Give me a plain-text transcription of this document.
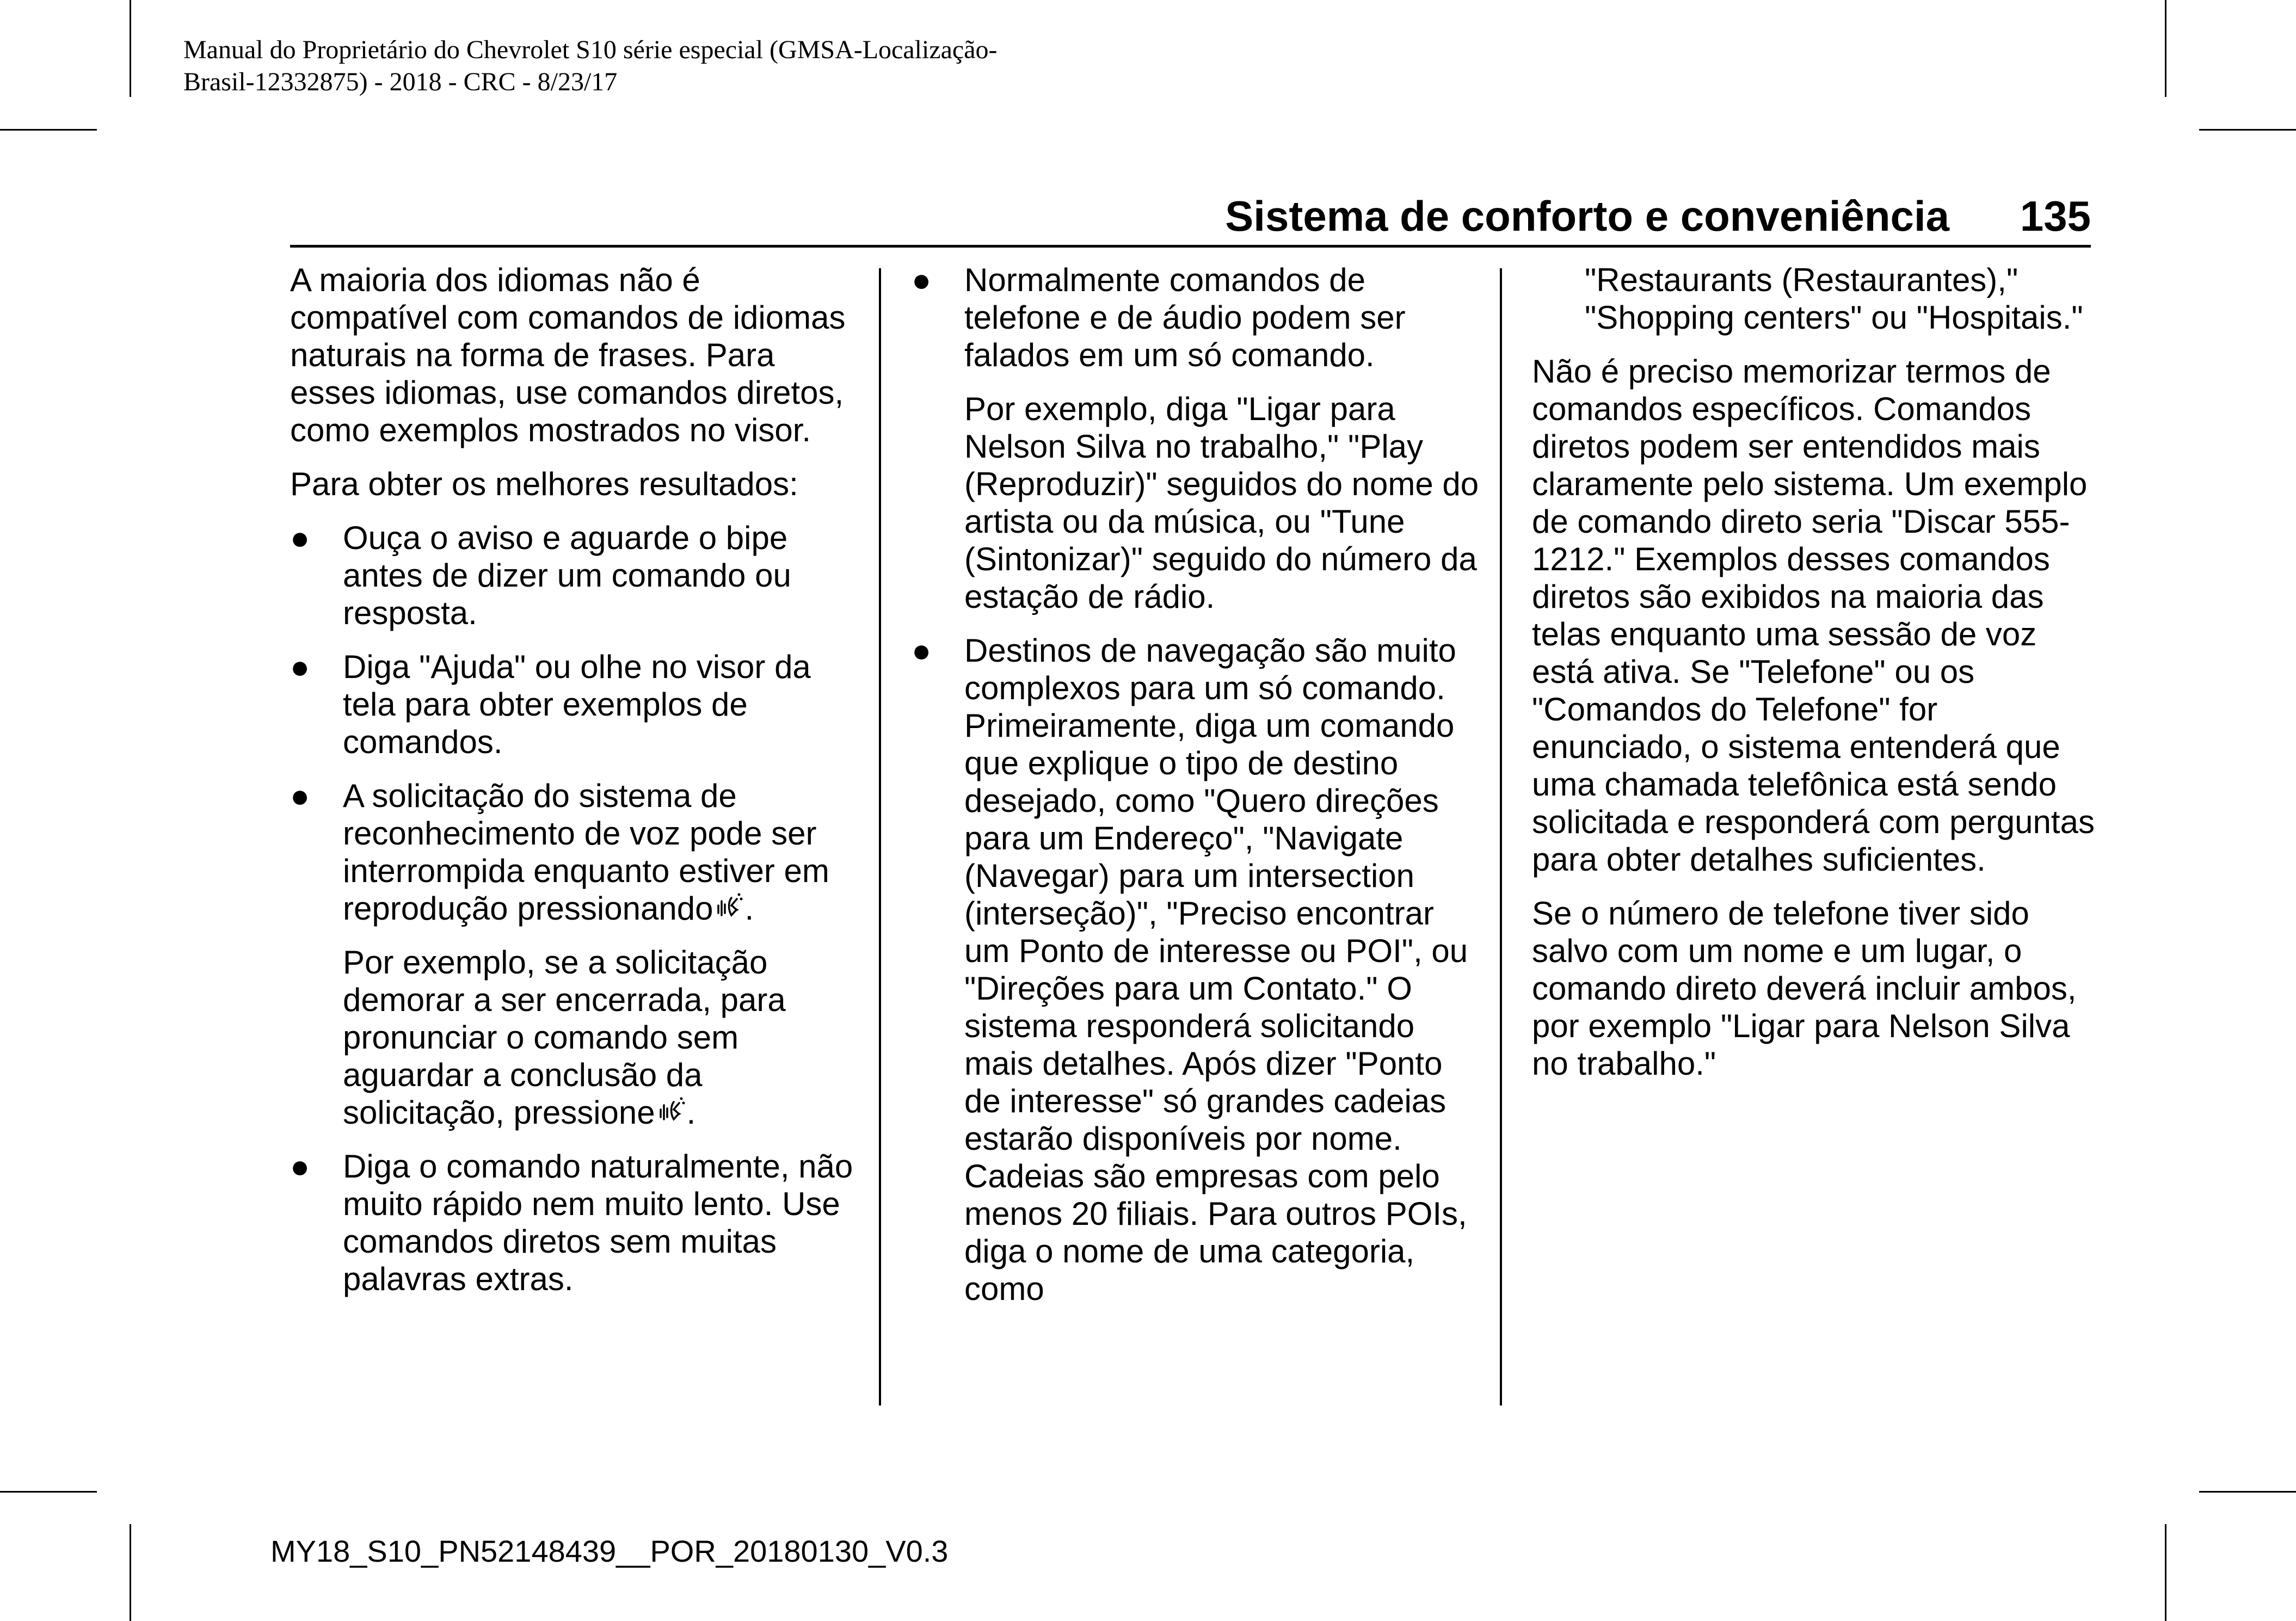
Manual do Proprietário do Chevrolet S10 série especial (GMSA-Localização-
Brasil-12332875) - 2018 - CRC - 8/23/17
Sistema de conforto e conveniência 135

A maioria dos idiomas não é compatível com comandos de idiomas naturais na forma de frases. Para esses idiomas, use comandos diretos, como exemplos mostrados no visor.

Para obter os melhores resultados:

● Ouça o aviso e aguarde o bipe antes de dizer um comando ou resposta.

● Diga "Ajuda" ou olhe no visor da tela para obter exemplos de comandos.

● A solicitação do sistema de reconhecimento de voz pode ser interrompida enquanto estiver em reprodução pressionando .

Por exemplo, se a solicitação demorar a ser encerrada, para pronunciar o comando sem aguardar a conclusão da solicitação, pressione .

● Diga o comando naturalmente, não muito rápido nem muito lento. Use comandos diretos sem muitas palavras extras.

● Normalmente comandos de telefone e de áudio podem ser falados em um só comando.

Por exemplo, diga "Ligar para Nelson Silva no trabalho," "Play (Reproduzir)" seguidos do nome do artista ou da música, ou "Tune (Sintonizar)" seguido do número da estação de rádio.

● Destinos de navegação são muito complexos para um só comando. Primeiramente, diga um comando que explique o tipo de destino desejado, como "Quero direções para um Endereço", "Navigate (Navegar) para um intersection (interseção)", "Preciso encontrar um Ponto de interesse ou POI", ou "Direções para um Contato." O sistema responderá solicitando mais detalhes. Após dizer "Ponto de interesse" só grandes cadeias estarão disponíveis por nome. Cadeias são empresas com pelo menos 20 filiais. Para outros POIs, diga o nome de uma categoria, como

"Restaurants (Restaurantes)," "Shopping centers" ou "Hospitais."

Não é preciso memorizar termos de comandos específicos. Comandos diretos podem ser entendidos mais claramente pelo sistema. Um exemplo de comando direto seria "Discar 555-1212." Exemplos desses comandos diretos são exibidos na maioria das telas enquanto uma sessão de voz está ativa. Se "Telefone" ou os "Comandos do Telefone" for enunciado, o sistema entenderá que uma chamada telefônica está sendo solicitada e responderá com perguntas para obter detalhes suficientes.

Se o número de telefone tiver sido salvo com um nome e um lugar, o comando direto deverá incluir ambos, por exemplo "Ligar para Nelson Silva no trabalho."

MY18_S10_PN52148439__POR_20180130_V0.3
